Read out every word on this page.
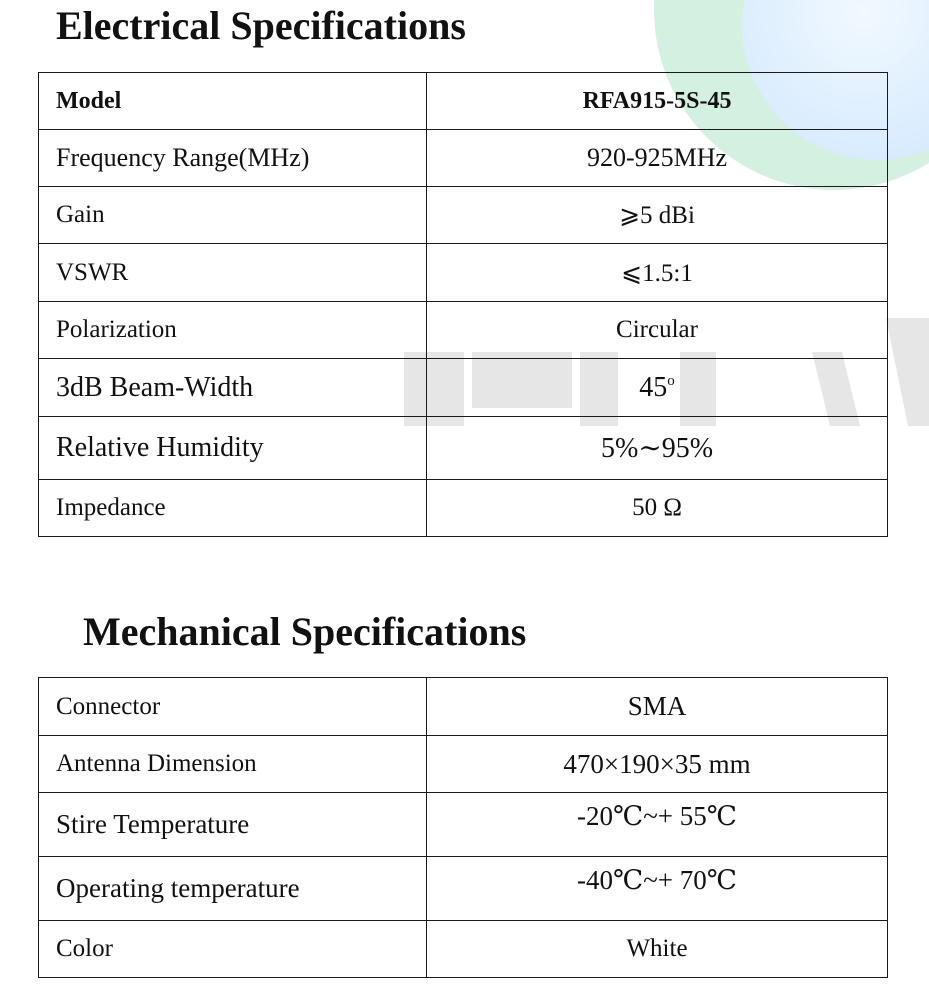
Electrical Specifications
Model	RFA915-5S-45
Frequency Range(MHz)	920-925MHz
Gain	⩾5 dBi
VSWR	⩽1.5:1
Polarization	Circular
3dB Beam-Width	45$^o$
Relative Humidity	5%∼95%
Impedance	50 Ω
Mechanical Specifications
Connector	SMA
Antenna Dimension	470×190×35 mm
Stire Temperature	-20℃~+ 55℃
Operating temperature	-40℃~+ 70℃
Color	White
